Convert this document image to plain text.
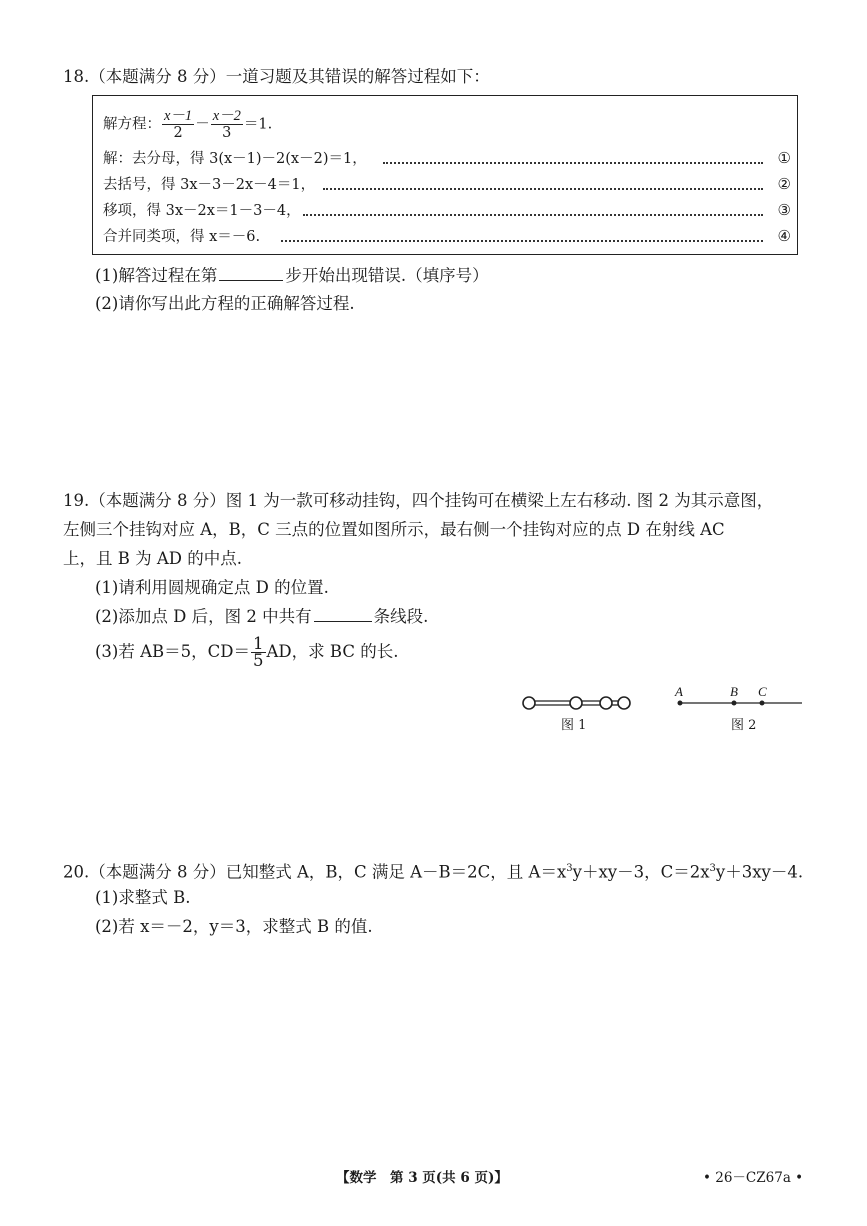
18.（本题满分 8 分）一道习题及其错误的解答过程如下：
解方程： $\frac{x-1}{2} - \frac{x-2}{3} =1$.
解：去分母，得 3(x－1)－2(x－2)＝1，	①
去括号，得 3x－3－2x－4＝1，	②
移项，得 3x－2x＝1－3－4，	③
合并同类项，得 x＝－6.	④
(1)解答过程在第	步开始出现错误.（填序号）
(2)请你写出此方程的正确解答过程.
19.（本题满分 8 分）图 1 为一款可移动挂钩，四个挂钩可在横梁上左右移动. 图 2 为其示意图，
左侧三个挂钩对应 A，B，C 三点的位置如图所示，最右侧一个挂钩对应的点 D 在射线 AC
上，且 B 为 AD 的中点.
(1)请利用圆规确定点 D 的位置.
(2)添加点 D 后，图 2 中共有	条线段.
(3)若 AB＝5，$CD= \frac{1}{5}$ AD，求 BC 的长.
图 1
A	B C
图 2
20.（本题满分 8 分）已知整式 A，B，C 满足 A－B＝2C，且 $A=x^3y+xy-3$，$C=2x^3y+3xy-4$.
(1)求整式 B.
(2)若 x＝－2，y＝3，求整式 B 的值.
【数学　第 3 页(共 6 页)】	• 26－CZ67a •
